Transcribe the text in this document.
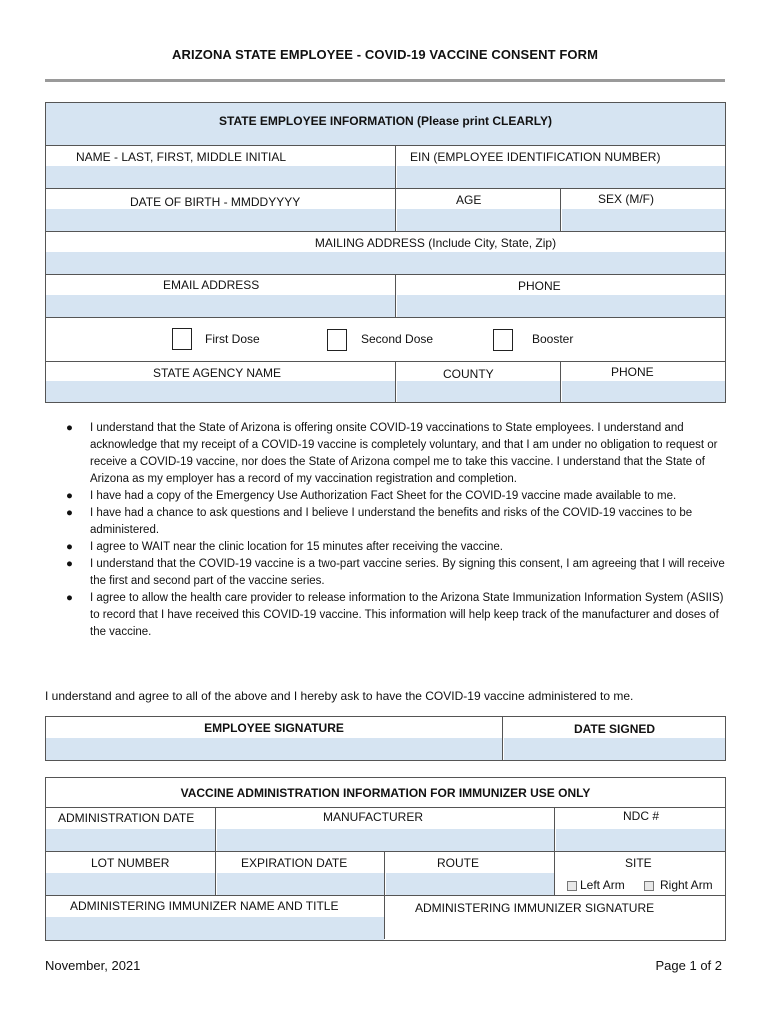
ARIZONA STATE EMPLOYEE - COVID-19 VACCINE CONSENT FORM
STATE EMPLOYEE INFORMATION (Please print CLEARLY)
NAME - LAST, FIRST, MIDDLE INITIAL	EIN (EMPLOYEE IDENTIFICATION NUMBER)
DATE OF BIRTH - MMDDYYYY	AGE	SEX (M/F)
MAILING ADDRESS (Include City, State, Zip)
EMAIL ADDRESS	PHONE
First Dose	Second Dose	Booster
STATE AGENCY NAME	COUNTY	PHONE
● I understand that the State of Arizona is offering onsite COVID-19 vaccinations to State employees. I understand and acknowledge that my receipt of a COVID-19 vaccine is completely voluntary, and that I am under no obligation to request or receive a COVID-19 vaccine, nor does the State of Arizona compel me to take this vaccine. I understand that the State of Arizona as my employer has a record of my vaccination registration and completion.
● I have had a copy of the Emergency Use Authorization Fact Sheet for the COVID-19 vaccine made available to me.
● I have had a chance to ask questions and I believe I understand the benefits and risks of the COVID-19 vaccines to be administered.
● I agree to WAIT near the clinic location for 15 minutes after receiving the vaccine.
● I understand that the COVID-19 vaccine is a two-part vaccine series. By signing this consent, I am agreeing that I will receive the first and second part of the vaccine series.
● I agree to allow the health care provider to release information to the Arizona State Immunization Information System (ASIIS) to record that I have received this COVID-19 vaccine. This information will help keep track of the manufacturer and doses of the vaccine.
I understand and agree to all of the above and I hereby ask to have the COVID-19 vaccine administered to me.
EMPLOYEE SIGNATURE	DATE SIGNED
VACCINE ADMINISTRATION INFORMATION FOR IMMUNIZER USE ONLY
ADMINISTRATION DATE	MANUFACTURER	NDC #
LOT NUMBER	EXPIRATION DATE	ROUTE	SITE
Left Arm	Right Arm
ADMINISTERING IMMUNIZER NAME AND TITLE	ADMINISTERING IMMUNIZER SIGNATURE
November, 2021	Page 1 of 2
